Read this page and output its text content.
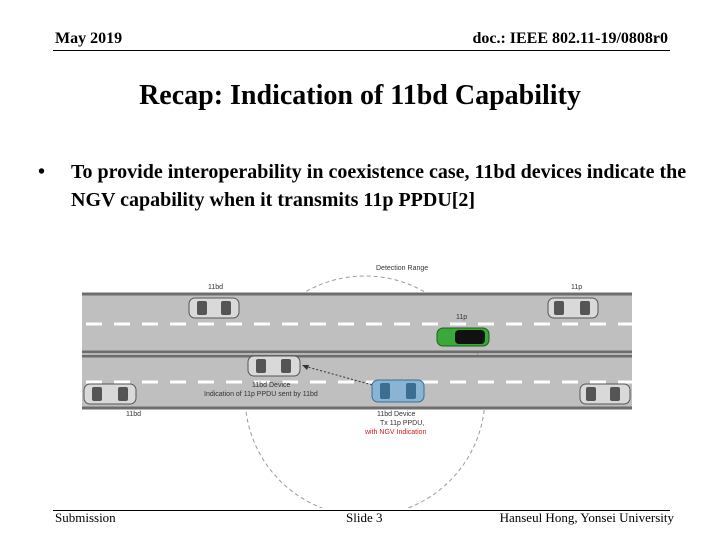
May 2019	doc.: IEEE 802.11-19/0808r0
Recap: Indication of 11bd Capability
• To provide interoperability in coexistence case, 11bd devices indicate the NGV capability when it transmits 11p PPDU[2]
Detection Range
11bd	11p
11p
11bd Device
Indication of 11p PPDU sent by 11bd
11bd	11bd Device
Tx 11p PPDU,
with NGV Indication
Submission	Slide 3	Hanseul Hong, Yonsei University
